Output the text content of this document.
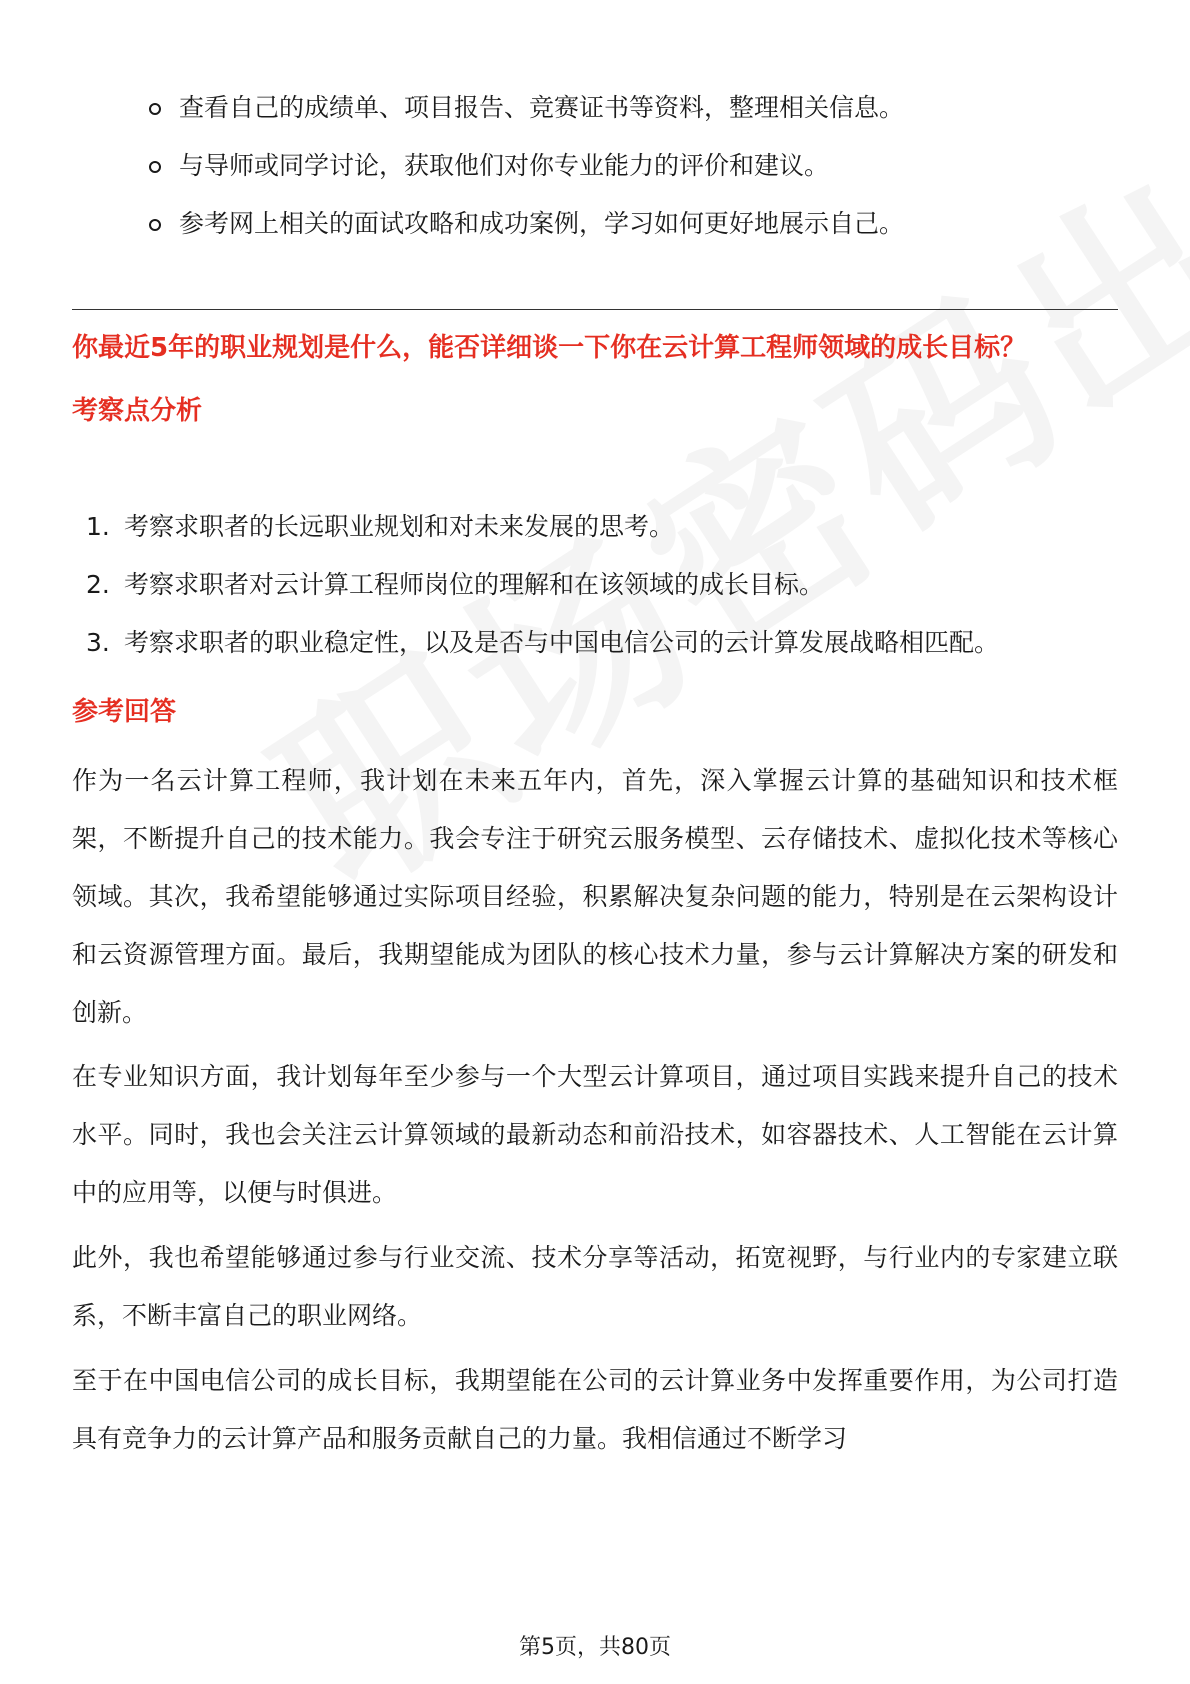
查看自己的成绩单、项目报告、竞赛证书等资料，整理相关信息。
与导师或同学讨论，获取他们对你专业能力的评价和建议。
参考网上相关的面试攻略和成功案例，学习如何更好地展示自己。
你最近5年的职业规划是什么，能否详细谈一下你在云计算工程师领域的成长目标？
考察点分析
1. 考察求职者的长远职业规划和对未来发展的思考。
2. 考察求职者对云计算工程师岗位的理解和在该领域的成长目标。
3. 考察求职者的职业稳定性，以及是否与中国电信公司的云计算发展战略相匹配。
参考回答

作为一名云计算工程师，我计划在未来五年内，首先，深入掌握云计算的基础知识和技术框架，不断提升自己的技术能力。我会专注于研究云服务模型、云存储技术、虚拟化技术等核心领域。其次，我希望能够通过实际项目经验，积累解决复杂问题的能力，特别是在云架构设计和云资源管理方面。最后，我期望能成为团队的核心技术力量，参与云计算解决方案的研发和创新。

在专业知识方面，我计划每年至少参与一个大型云计算项目，通过项目实践来提升自己的技术水平。同时，我也会关注云计算领域的最新动态和前沿技术，如容器技术、人工智能在云计算中的应用等，以便与时俱进。

此外，我也希望能够通过参与行业交流、技术分享等活动，拓宽视野，与行业内的专家建立联系，不断丰富自己的职业网络。

至于在中国电信公司的成长目标，我期望能在公司的云计算业务中发挥重要作用，为公司打造具有竞争力的云计算产品和服务贡献自己的力量。我相信通过不断学习

第5页，共80页
